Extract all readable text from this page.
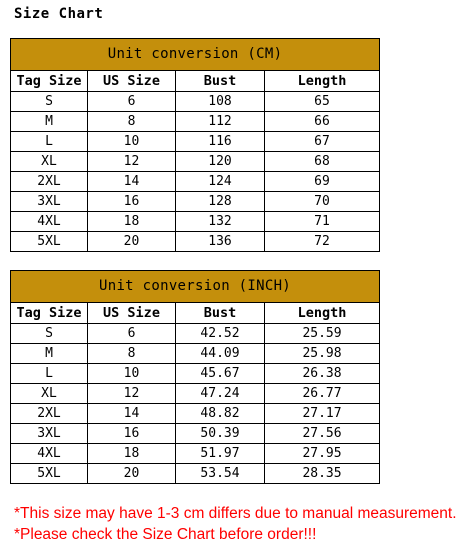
Size Chart
Unit conversion (CM)			
Tag Size	US Size	Bust	Length
S	6	108	65
M	8	112	66
L	10	116	67
XL	12	120	68
2XL	14	124	69
3XL	16	128	70
4XL	18	132	71
5XL	20	136	72
Unit conversion (INCH)			
Tag Size	US Size	Bust	Length
S	6	42.52	25.59
M	8	44.09	25.98
L	10	45.67	26.38
XL	12	47.24	26.77
2XL	14	48.82	27.17
3XL	16	50.39	27.56
4XL	18	51.97	27.95
5XL	20	53.54	28.35
*This size may have 1-3 cm differs due to manual measurement.
*Please check the Size Chart before order!!!
